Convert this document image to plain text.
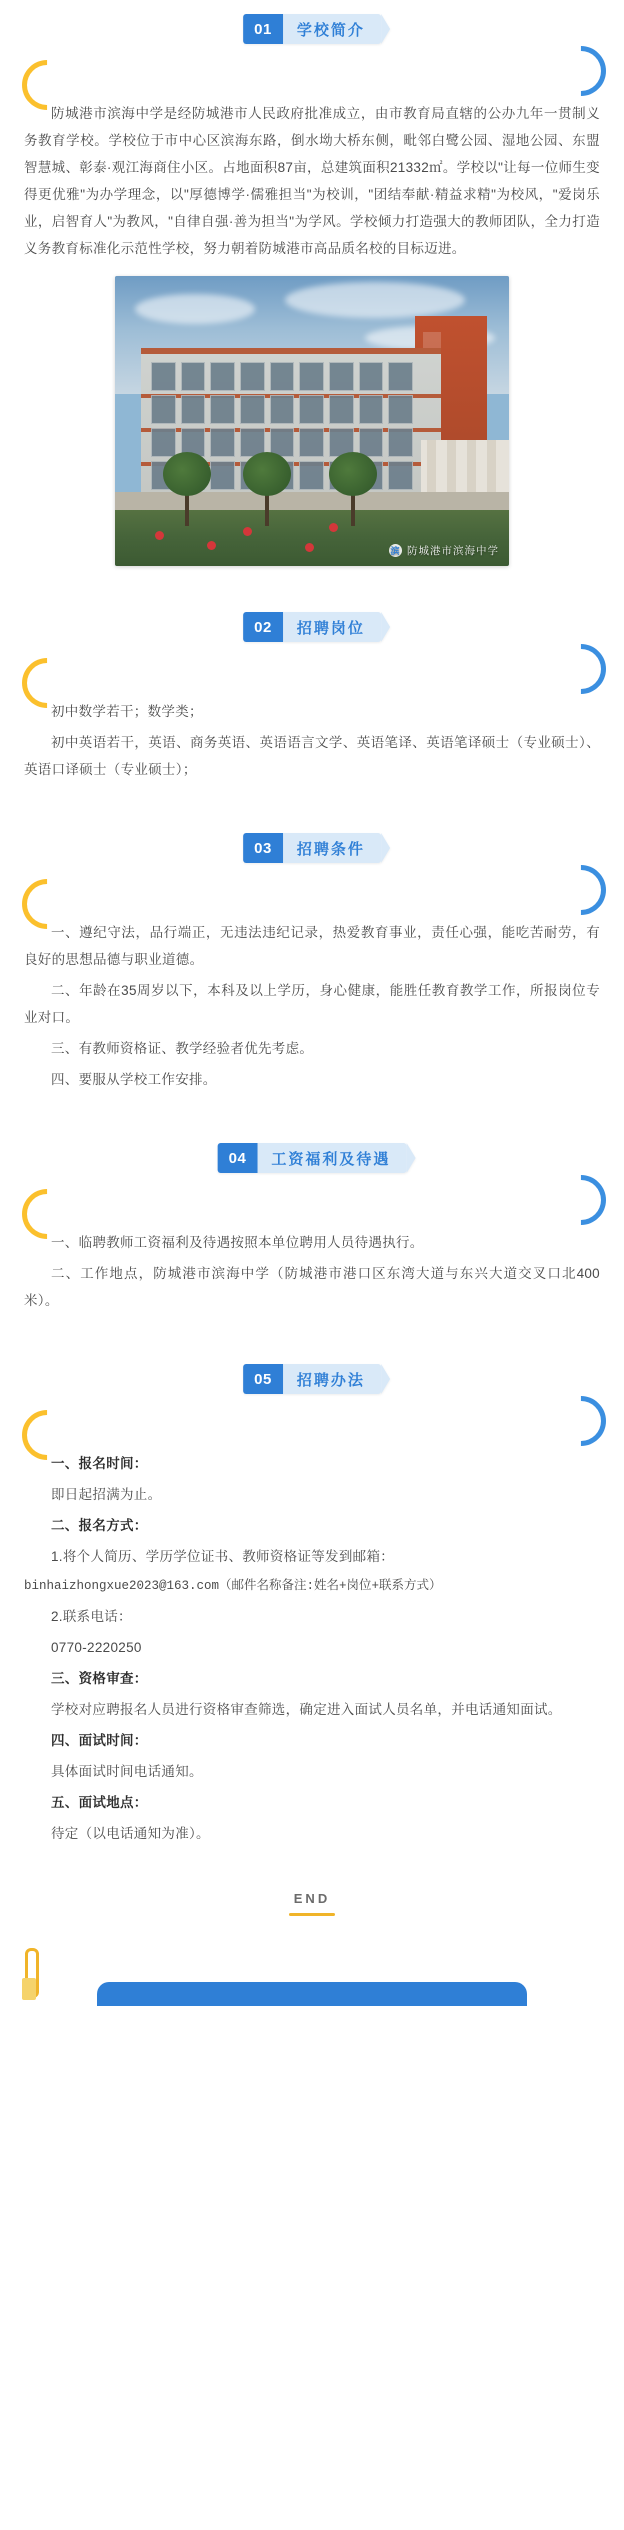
01	学校简介

防城港市滨海中学是经防城港市人民政府批准成立，由市教育局直辖的公办九年一贯制义务教育学校。学校位于市中心区滨海东路，倒水坳大桥东侧，毗邻白鹭公园、湿地公园、东盟智慧城、彰泰·观江海商住小区。占地面积87亩，总建筑面积21332㎡。学校以"让每一位师生变得更优雅"为办学理念，以"厚德博学·儒雅担当"为校训，"团结奉献·精益求精"为校风，"爱岗乐业，启智育人"为教风，"自律自强·善为担当"为学风。学校倾力打造强大的教师团队，全力打造义务教育标准化示范性学校，努力朝着防城港市高品质名校的目标迈进。

滨 防城港市滨海中学
02	招聘岗位

初中数学若干；数学类；

初中英语若干，英语、商务英语、英语语言文学、英语笔译、英语笔译硕士（专业硕士）、英语口译硕士（专业硕士）；

03	招聘条件

一、遵纪守法，品行端正，无违法违纪记录，热爱教育事业，责任心强，能吃苦耐劳，有良好的思想品德与职业道德。

二、年龄在35周岁以下，本科及以上学历，身心健康，能胜任教育教学工作，所报岗位专业对口。

三、有教师资格证、教学经验者优先考虑。

四、要服从学校工作安排。

04	工资福利及待遇

一、临聘教师工资福利及待遇按照本单位聘用人员待遇执行。

二、工作地点，防城港市滨海中学（防城港市港口区东湾大道与东兴大道交叉口北400米）。

05	招聘办法

一、报名时间：

即日起招满为止。

二、报名方式：

1.将个人简历、学历学位证书、教师资格证等发到邮箱：

binhaizhongxue2023@163.com（邮件名称备注:姓名+岗位+联系方式）

2.联系电话：

0770-2220250

三、资格审查：

学校对应聘报名人员进行资格审查筛选，确定进入面试人员名单，并电话通知面试。

四、面试时间：

具体面试时间电话通知。

五、面试地点：

待定（以电话通知为准）。

END
